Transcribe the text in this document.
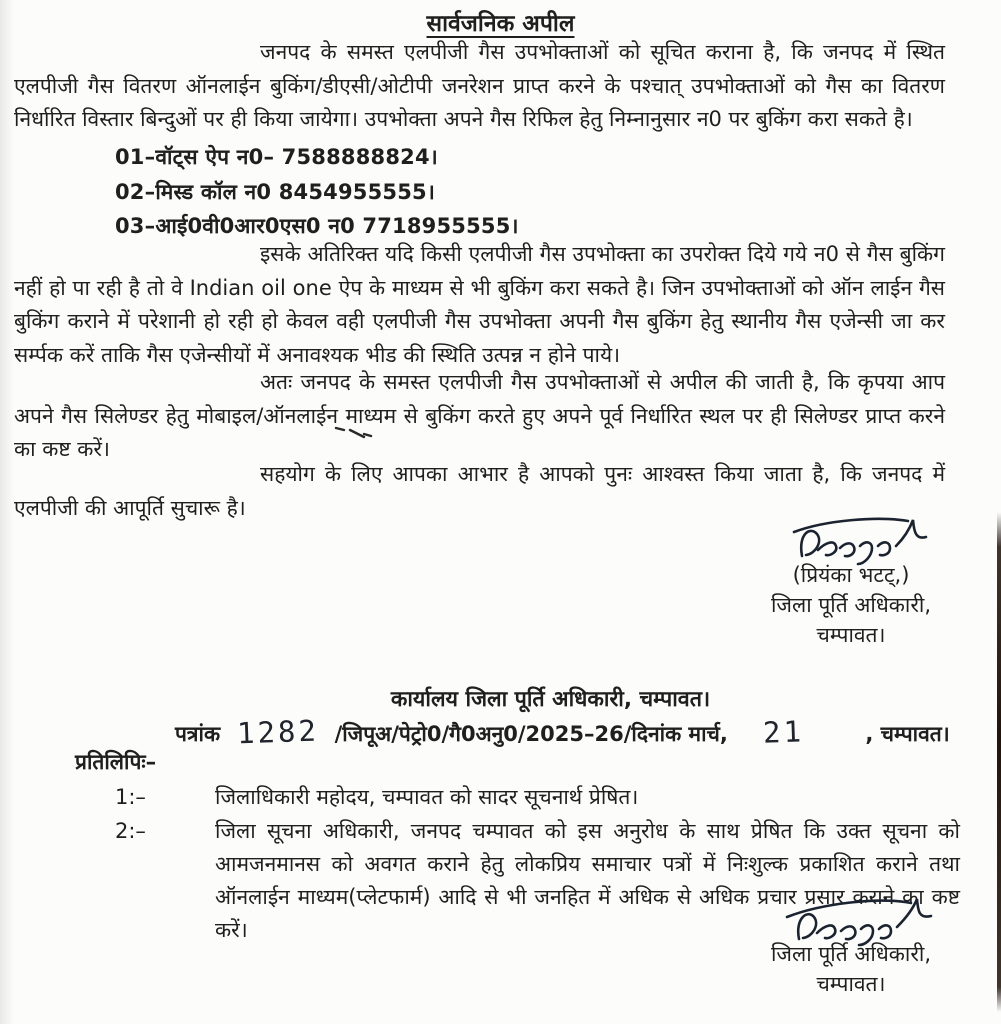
सार्वजनिक अपील
जनपद के समस्त एलपीजी गैस उपभोक्ताओं को सूचित कराना है, कि जनपद में स्थित एलपीजी गैस वितरण ऑनलाईन बुकिंग/डीएसी/ओटीपी जनरेशन प्राप्त करने के पश्चात् उपभोक्ताओं को गैस का वितरण निर्धारित विस्तार बिन्दुओं पर ही किया जायेगा। उपभोक्ता अपने गैस रिफिल हेतु निम्नानुसार न0 पर बुकिंग करा सकते है।
01–वॉट्स ऐप न0– 7588888824।
02–मिस्ड कॉल न0 8454955555।
03–आई0वी0आर0एस0 न0 7718955555।
इसके अतिरिक्त यदि किसी एलपीजी गैस उपभोक्ता का उपरोक्त दिये गये न0 से गैस बुकिंग नहीं हो पा रही है तो वे Indian oil one ऐप के माध्यम से भी बुकिंग करा सकते है। जिन उपभोक्ताओं को ऑन लाईन गैस बुकिंग कराने में परेशानी हो रही हो केवल वही एलपीजी गैस उपभोक्ता अपनी गैस बुकिंग हेतु स्थानीय गैस एजेन्सी जा कर सर्म्पक करें ताकि गैस एजेन्सीयों में अनावश्यक भीड की स्थिति उत्पन्न न होने पाये।
अतः जनपद के समस्त एलपीजी गैस उपभोक्ताओं से अपील की जाती है, कि कृपया आप अपने गैस सिलेण्डर हेतु मोबाइल/ऑनलाईन माध्यम से बुकिंग करते हुए अपने पूर्व निर्धारित स्थल पर ही सिलेण्डर प्राप्त करने का कष्ट करें।
सहयोग के लिए आपका आभार है आपको पुनः आश्वस्त किया जाता है, कि जनपद में एलपीजी की आपूर्ति सुचारू है।
(प्रियंका भटट्,)
जिला पूर्ति अधिकारी,
चम्पावत।
कार्यालय जिला पूर्ति अधिकारी, चम्पावत।
पत्रांक 1282 /जिपूअ/पेट्रो0/गै0अनु0/2025–26/दिनांक मार्च, 21	, चम्पावत।
प्रतिलिपिः–
1:–	जिलाधिकारी महोदय, चम्पावत को सादर सूचनार्थ प्रेषित।
2:–	जिला सूचना अधिकारी, जनपद चम्पावत को इस अनुरोध के साथ प्रेषित कि उक्त सूचना को आमजनमानस को अवगत कराने हेतु लोकप्रिय समाचार पत्रों में निःशुल्क प्रकाशित कराने तथा ऑनलाईन माध्यम(प्लेटफार्म) आदि से भी जनहित में अधिक से अधिक प्रचार प्रसार कराने का कष्ट करें।
जिला पूर्ति अधिकारी,
चम्पावत।
